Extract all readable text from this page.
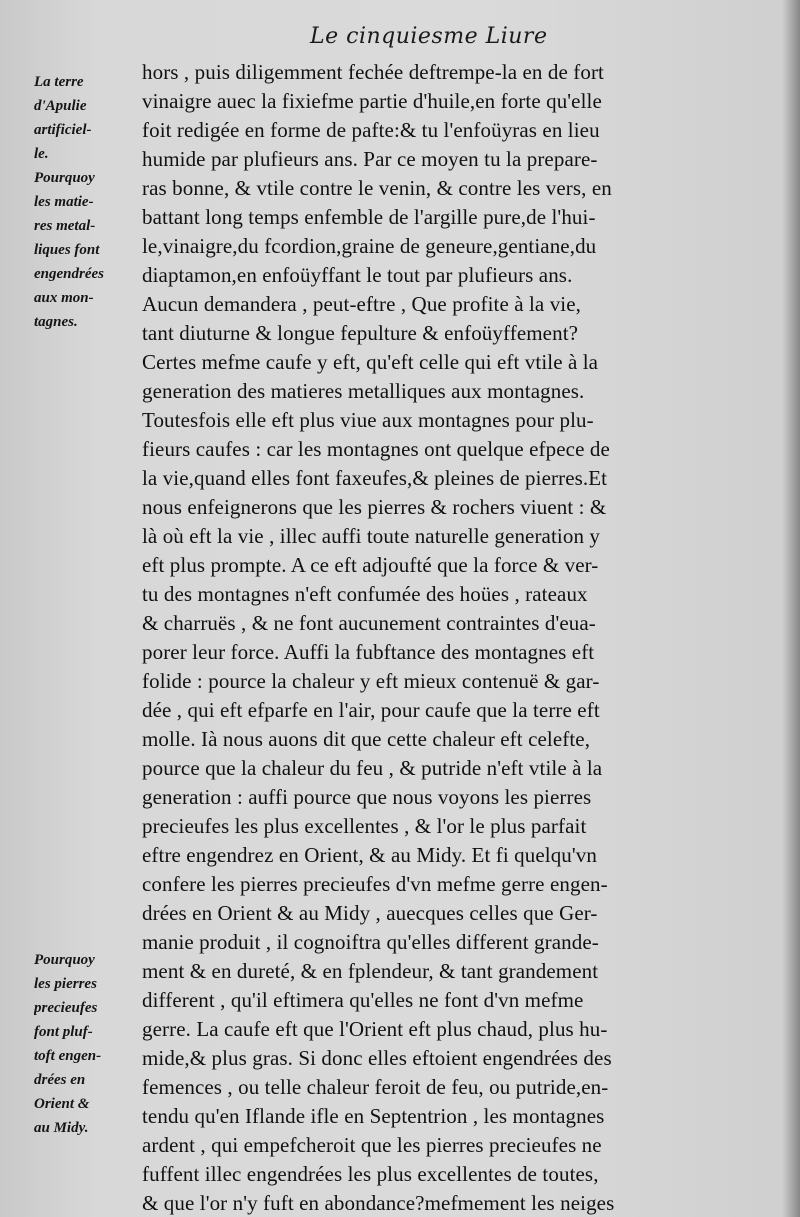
Le cinquiesme Liure
La terre
d'Apulie
artificiel-
le.
Pourquoy
les matie-
res metal-
liques font
engendrées
aux mon-
tagnes.
Pourquoy
les pierres
precieufes
font pluf-
toft engen-
drées en
Orient &
au Midy.
hors , puis diligemment fechée deftrempe-la en de fort
vinaigre auec la fixiefme partie d'huile,en forte qu'elle
foit redigée en forme de pafte:& tu l'enfoüyras en lieu
humide par plufieurs ans. Par ce moyen tu la prepare-
ras bonne, & vtile contre le venin, & contre les vers, en
battant long temps enfemble de l'argille pure,de l'hui-
le,vinaigre,du fcordion,graine de geneure,gentiane,du
diaptamon,en enfoüyffant le tout par plufieurs ans.
Aucun demandera , peut-eftre , Que profite à la vie,
tant diuturne & longue fepulture & enfoüyffement?
Certes mefme caufe y eft, qu'eft celle qui eft vtile à la
generation des matieres metalliques aux montagnes.
Toutesfois elle eft plus viue aux montagnes pour plu-
fieurs caufes : car les montagnes ont quelque efpece de
la vie,quand elles font faxeufes,& pleines de pierres.Et
nous enfeignerons que les pierres & rochers viuent : &
là où eft la vie , illec auffi toute naturelle generation y
eft plus prompte. A ce eft adjoufté que la force & ver-
tu des montagnes n'eft confumée des hoües , rateaux
& charruës , & ne font aucunement contraintes d'eua-
porer leur force. Auffi la fubftance des montagnes eft
folide : pource la chaleur y eft mieux contenuë & gar-
dée , qui eft efparfe en l'air, pour caufe que la terre eft
molle. Ià nous auons dit que cette chaleur eft celefte,
pource que la chaleur du feu , & putride n'eft vtile à la
generation : auffi pource que nous voyons les pierres
precieufes les plus excellentes , & l'or le plus parfait
eftre engendrez en Orient, & au Midy. Et fi quelqu'vn
confere les pierres precieufes d'vn mefme gerre engen-
drées en Orient & au Midy , auecques celles que Ger-
manie produit , il cognoiftra qu'elles different grande-
ment & en dureté, & en fplendeur, & tant grandement
different , qu'il eftimera qu'elles ne font d'vn mefme
gerre. La caufe eft que l'Orient eft plus chaud, plus hu-
mide,& plus gras. Si donc elles eftoient engendrées des
femences , ou telle chaleur feroit de feu, ou putride,en-
tendu qu'en Iflande ifle en Septentrion , les montagnes
ardent , qui empefcheroit que les pierres precieufes ne
fuffent illec engendrées les plus excellentes de toutes,
& que l'or n'y fuft en abondance?mefmement les neiges
